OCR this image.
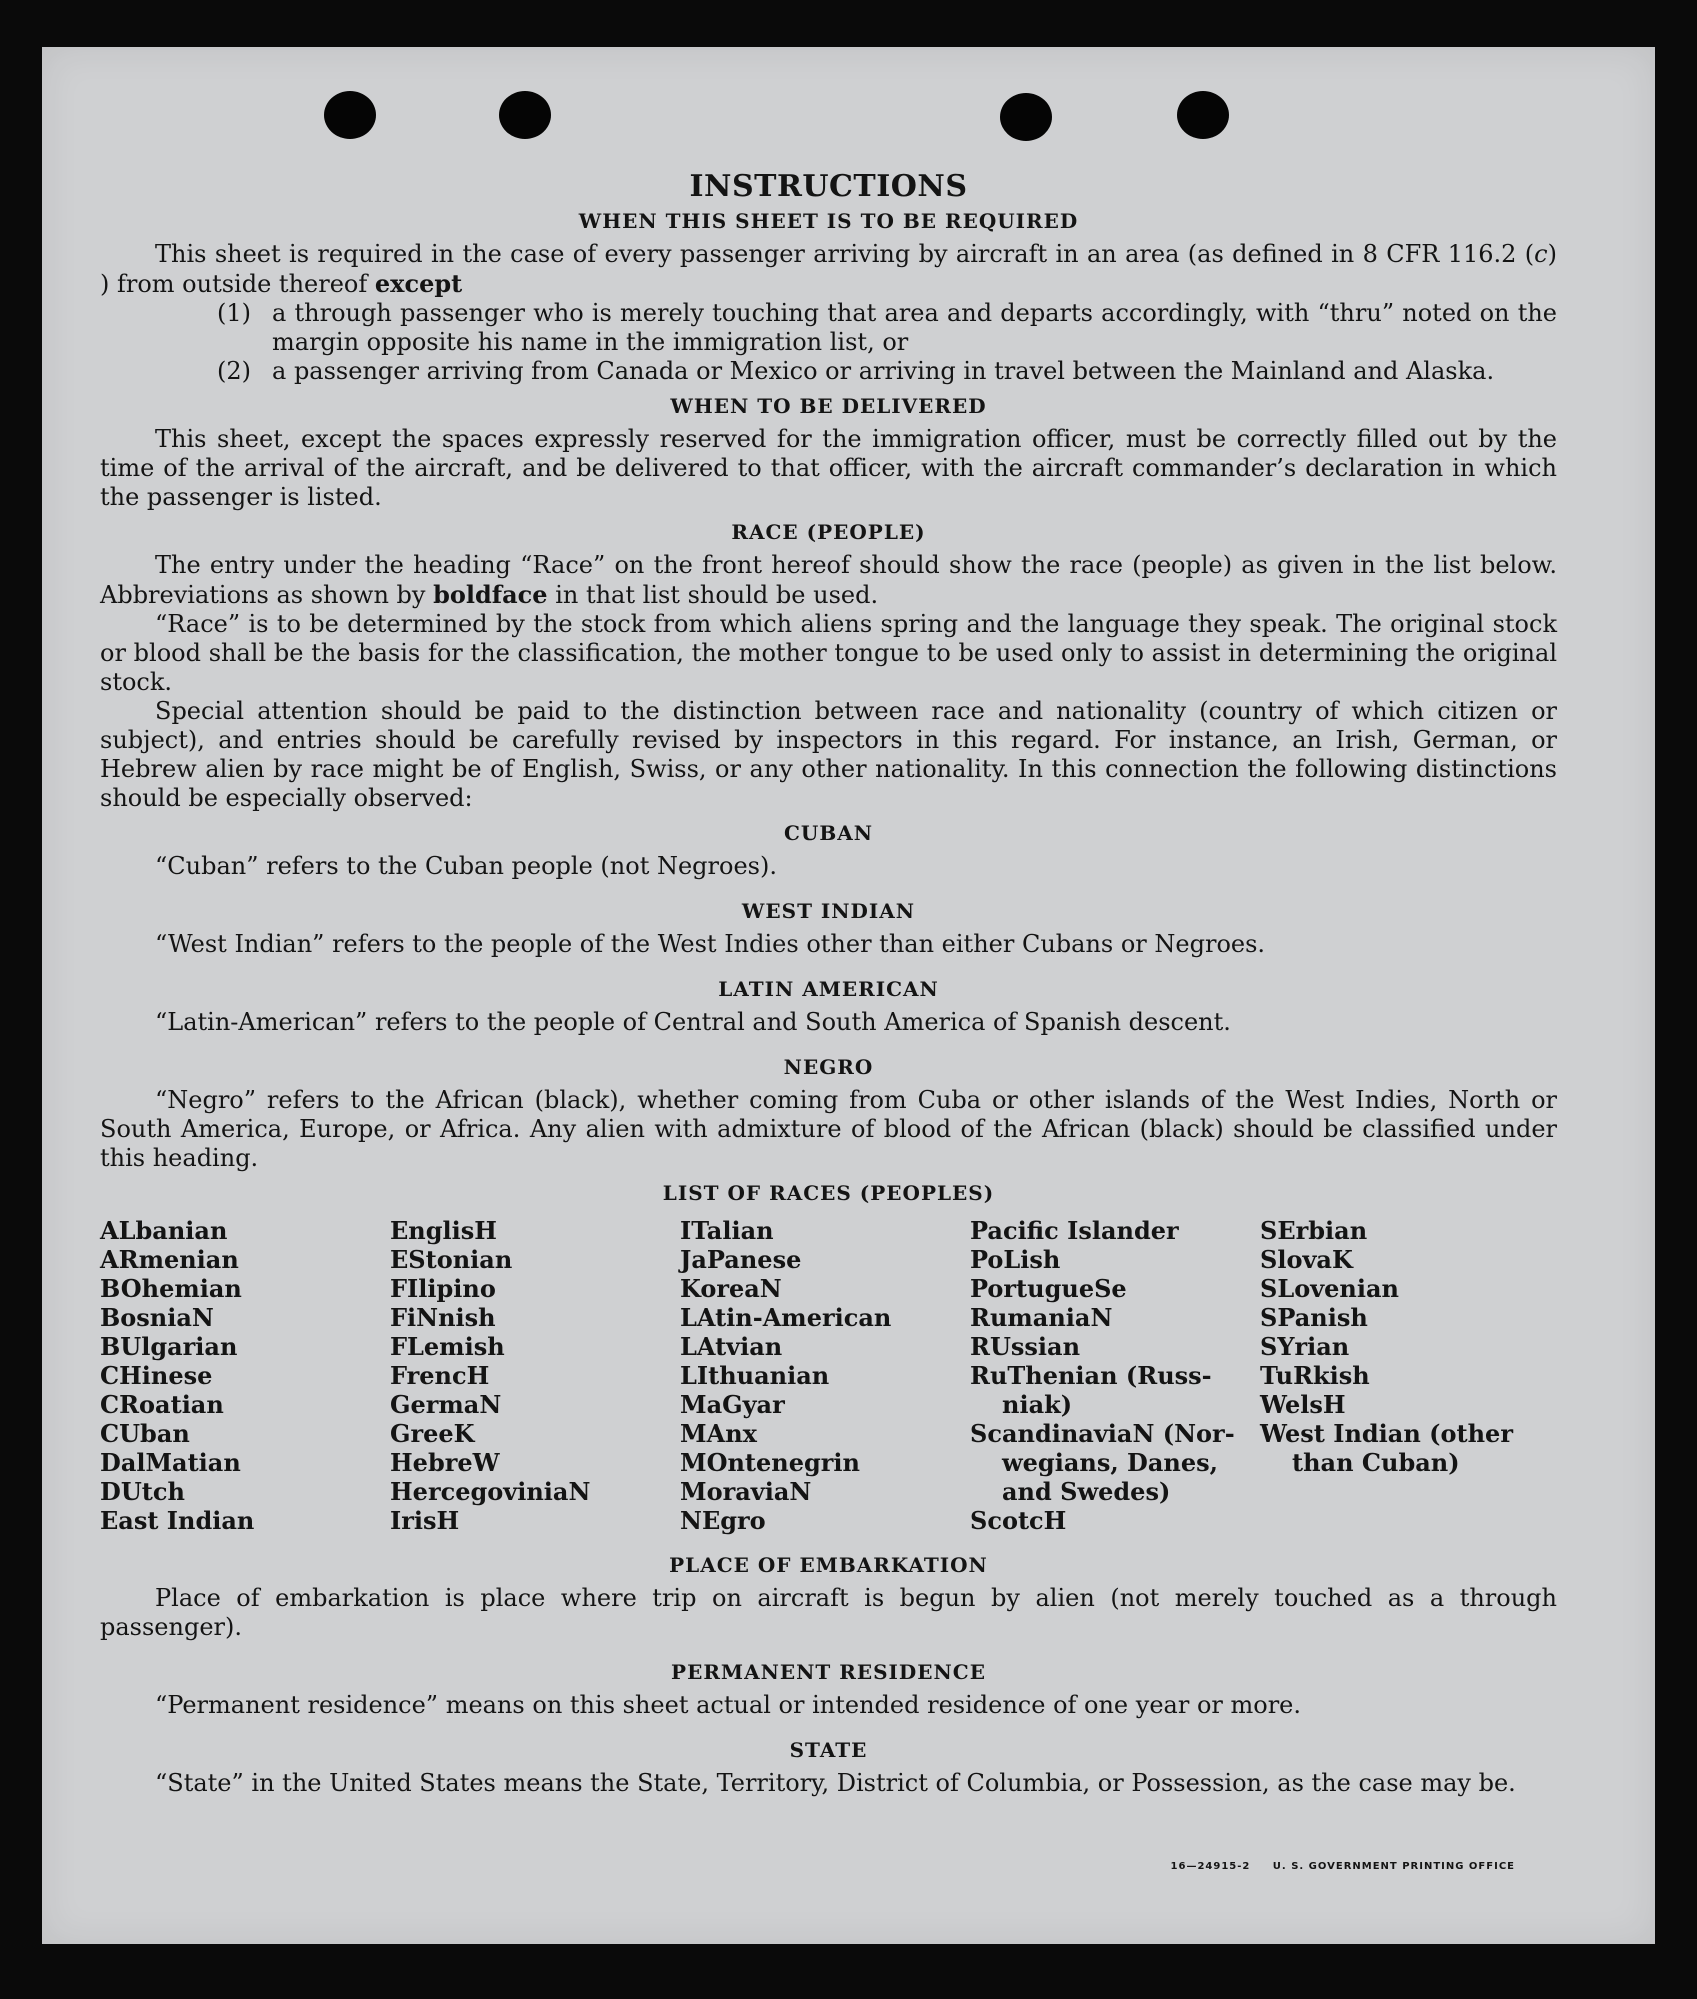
INSTRUCTIONS
WHEN THIS SHEET IS TO BE REQUIRED

This sheet is required in the case of every passenger arriving by aircraft in an area (as defined in 8 CFR 116.2 (c) ) from outside thereof except

(1) a through passenger who is merely touching that area and departs accordingly, with “thru” noted on the margin opposite his name in the immigration list, or
(2) a passenger arriving from Canada or Mexico or arriving in travel between the Mainland and Alaska.
WHEN TO BE DELIVERED

This sheet, except the spaces expressly reserved for the immigration officer, must be correctly filled out by the time of the arrival of the aircraft, and be delivered to that officer, with the aircraft commander’s declaration in which the passenger is listed.

RACE (PEOPLE)

The entry under the heading “Race” on the front hereof should show the race (people) as given in the list below. Abbreviations as shown by boldface in that list should be used.

“Race” is to be determined by the stock from which aliens spring and the language they speak. The original stock or blood shall be the basis for the classification, the mother tongue to be used only to assist in determining the original stock.

Special attention should be paid to the distinction between race and nationality (country of which citizen or subject), and entries should be carefully revised by inspectors in this regard. For instance, an Irish, German, or Hebrew alien by race might be of English, Swiss, or any other nationality. In this connection the following distinctions should be especially observed:

CUBAN

“Cuban” refers to the Cuban people (not Negroes).

WEST INDIAN

“West Indian” refers to the people of the West Indies other than either Cubans or Negroes.

LATIN AMERICAN

“Latin-American” refers to the people of Central and South America of Spanish descent.

NEGRO

“Negro” refers to the African (black), whether coming from Cuba or other islands of the West Indies, North or South America, Europe, or Africa. Any alien with admixture of blood of the African (black) should be classified under this heading.

LIST OF RACES (PEOPLES)
ALbanian
ARmenian
BOhemian
BosniaN
BUlgarian
CHinese
CRoatian
CUban
DalMatian
DUtch
East Indian
EnglisH
EStonian
FIlipino
FiNnish
FLemish
FrencH
GermaN
GreeK
HebreW
HercegoviniaN
IrisH
ITalian
JaPanese
KoreaN
LAtin-American
LAtvian
LIthuanian
MaGyar
MAnx
MOntenegrin
MoraviaN
NEgro
Pacific Islander
PoLish
PortugueSe
RumaniaN
RUssian
RuThenian (Russ-
niak)
ScandinaviaN (Nor-
wegians, Danes,
and Swedes)
ScotcH
SErbian
SlovaK
SLovenian
SPanish
SYrian
TuRkish
WelsH
West Indian (other
than Cuban)
PLACE OF EMBARKATION

Place of embarkation is place where trip on aircraft is begun by alien (not merely touched as a through passenger).

PERMANENT RESIDENCE

“Permanent residence” means on this sheet actual or intended residence of one year or more.

STATE

“State” in the United States means the State, Territory, District of Columbia, or Possession, as the case may be.

16—24915-2 U. S. GOVERNMENT PRINTING OFFICE
